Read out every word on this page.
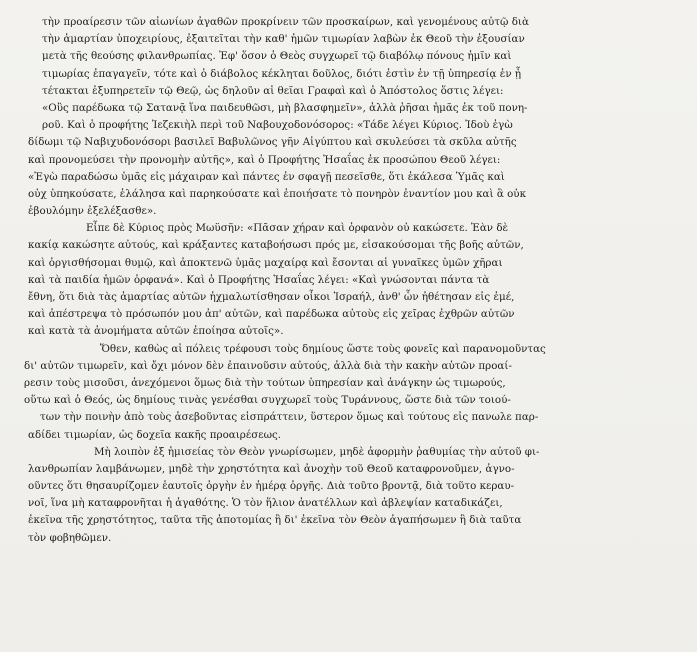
τὴν προαίρεσιν τῶν αἰωνίων ἀγαθῶν προκρίνειν τῶν προσκαίρων, καὶ γενομένους αὐτῷ διὰ
τὴν ἁμαρτίαν ὑποχειρίους, ἐξαιτεῖται τὴν καθ' ἡμῶν τιμωρίαν λαβὼν ἐκ Θεοῦ τὴν ἐξουσίαν
μετὰ τῆς θεούσης φιλανθρωπίας. Ἐφ' ὅσον ὁ Θεὸς συγχωρεῖ τῷ διαβόλῳ πόνους ἡμῖν καὶ
τιμωρίας ἐπαγαγεῖν, τότε καὶ ὁ διάβολος κέκληται δοῦλος, διότι ἐστὶν ἐν τῇ ὑπηρεσίᾳ ἐν ᾗ
τέτακται ἐξυπηρετεῖν τῷ Θεῷ, ὡς δηλοῦν αἱ θεῖαι Γραφαὶ καὶ ὁ Ἀπόστολος ὅστις λέγει:
«Οὓς παρέδωκα τῷ Σατανᾷ ἵνα παιδευθῶσι, μὴ βλασφημεῖν», ἀλλὰ ῥῆσαι ἡμᾶς ἐκ τοῦ πονη-
ροῦ. Καὶ ὁ προφήτης Ἰεζεκιὴλ περὶ τοῦ Ναβουχοδονόσορος: «Τάδε λέγει Κύριος. Ἰδοὺ ἐγὼ
δίδωμι τῷ Ναβιχυδονόσορι βασιλεῖ Βαβυλῶνος γῆν Αἰγύπτου καὶ σκυλεύσει τὰ σκῦλα αὐτῆς
καὶ προνομεύσει τὴν προνομὴν αὐτῆς», καὶ ὁ Προφήτης Ἡσαΐας ἐκ προσώπου Θεοῦ λέγει:
«Ἐγὼ παραδώσω ὑμᾶς εἰς μάχαιραν καὶ πάντες ἐν σφαγῇ πεσεῖσθε, ὅτι ἐκάλεσα Ὑμᾶς καὶ
οὐχ ὑπηκούσατε, ἐλάλησα καὶ παρηκούσατε καὶ ἐποιήσατε τὸ πονηρὸν ἐναντίον μου καὶ ἃ οὐκ
ἐβουλόμην ἐξελέξασθε».
Εἶπε δὲ Κύριος πρὸς Μωϋσῆν: «Πᾶσαν χήραν καὶ ὀρφανὸν οὐ κακώσετε. Ἐὰν δὲ
κακίᾳ κακώσητε αὐτούς, καὶ κράξαντες καταβοήσωσι πρός με, εἰσακούσομαι τῆς βοῆς αὐτῶν,
καὶ ὀργισθήσομαι θυμῷ, καὶ ἀποκτενῶ ὑμᾶς μαχαίρᾳ καὶ ἔσονται αἱ γυναῖκες ὑμῶν χῆραι
καὶ τὰ παιδία ἡμῶν ὀρφανά». Καὶ ὁ Προφήτης Ἡσαΐας λέγει: «Καὶ γνώσονται πάντα τὰ
ἔθνη, ὅτι διὰ τὰς ἁμαρτίας αὐτῶν ἠχμαλωτίσθησαν οἶκοι Ἰσραήλ, ἀνθ' ὧν ἠθέτησαν εἰς ἐμέ,
καὶ ἀπέστρεψα τὸ πρόσωπόν μου ἀπ' αὐτῶν, καὶ παρέδωκα αὐτοὺς εἰς χεῖρας ἐχθρῶν αὐτῶν
καὶ κατὰ τὰ ἀνομήματα αὐτῶν ἐποίησα αὐτοῖς».
Ὅθεν, καθὼς αἱ πόλεις τρέφουσι τοὺς δημίους ὥστε τοὺς φονεῖς καὶ παρανομοῦντας
δι' αὐτῶν τιμωρεῖν, καὶ ὄχι μόνον δὲν ἐπαινοῦσιν αὐτούς, ἀλλὰ διὰ τὴν κακὴν αὐτῶν προαί-
ρεσιν τοὺς μισοῦσι, ἀνεχόμενοι ὅμως διὰ τὴν τούτων ὑπηρεσίαν καὶ ἀνάγκην ὡς τιμωρούς,
οὕτω καὶ ὁ Θεός, ὡς δημίους τινὰς γενέσθαι συγχωρεῖ τοὺς Τυράννους, ὥστε διὰ τῶν τοιού-
των τὴν ποινὴν ἀπὸ τοὺς ἀσεβοῦντας εἰσπράττειν, ὕστερον ὅμως καὶ τούτους εἰς πανωλε παρ-
αδίδει τιμωρίαν, ὡς δοχεῖα κακῆς προαιρέσεως.
Μὴ λοιπὸν ἐξ ἡμισείας τὸν Θεὸν γνωρίσωμεν, μηδὲ ἀφορμὴν ῥαθυμίας τὴν αὐτοῦ φι-
λανθρωπίαν λαμβάνωμεν, μηδὲ τὴν χρηστότητα καὶ ἀνοχὴν τοῦ Θεοῦ καταφρονοῦμεν, ἀγνο-
οῦντες ὅτι θησαυρίζομεν ἑαυτοῖς ὀργὴν ἐν ἡμέρᾳ ὀργῆς. Διὰ τοῦτο βροντᾷ, διὰ τοῦτο κεραυ-
νοῖ, ἵνα μὴ καταφρονῆται ἡ ἀγαθότης. Ὁ τὸν ἥλιον ἀνατέλλων καὶ ἀβλεψίαν καταδικάζει,
ἐκεῖνα τῆς χρηστότητος, ταῦτα τῆς ἀποτομίας ἢ δι' ἐκεῖνα τὸν Θεὸν ἀγαπήσωμεν ἢ διὰ ταῦτα
τὸν φοβηθῶμεν.
